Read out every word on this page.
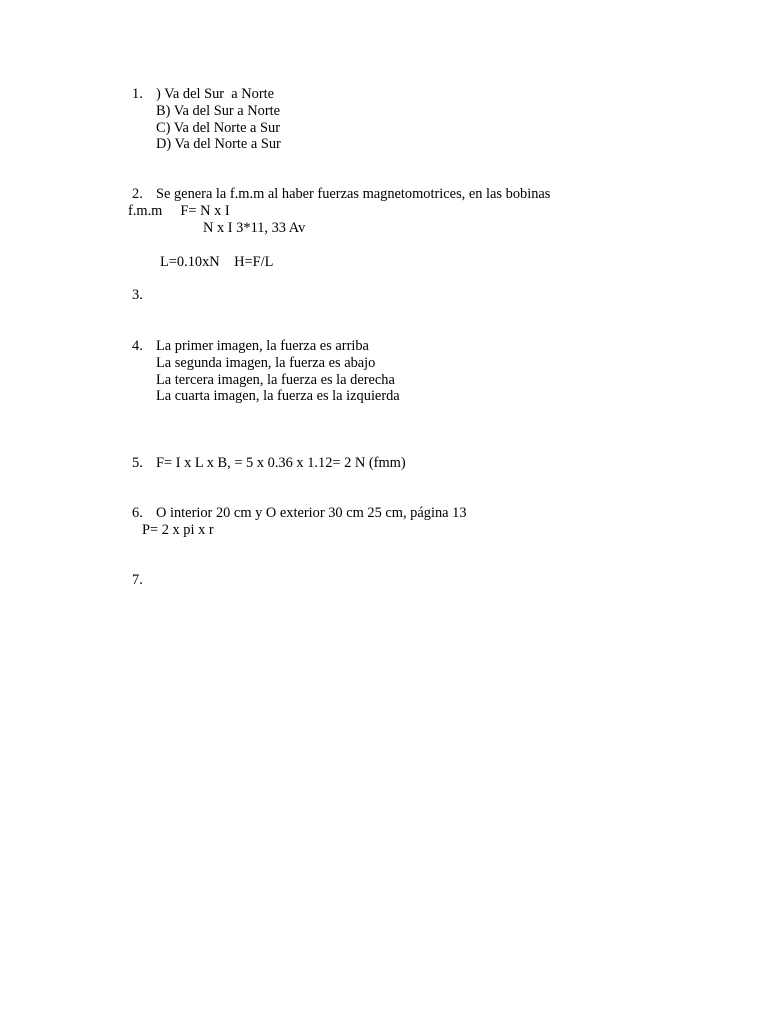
1. ) Va del Sur  a Norte
B) Va del Sur a Norte
C) Va del Norte a Sur
D) Va del Norte a Sur
2. Se genera la f.m.m al haber fuerzas magnetomotrices, en las bobinas
f.m.m     F= N x I
N x I 3*11, 33 Av
L=0.10xN    H=F/L
3.
4. La primer imagen, la fuerza es arriba
La segunda imagen, la fuerza es abajo
La tercera imagen, la fuerza es la derecha
La cuarta imagen, la fuerza es la izquierda
5. F= I x L x B, = 5 x 0.36 x 1.12= 2 N (fmm)
6. O interior 20 cm y O exterior 30 cm 25 cm, página 13
P= 2 x pi x r
7.
